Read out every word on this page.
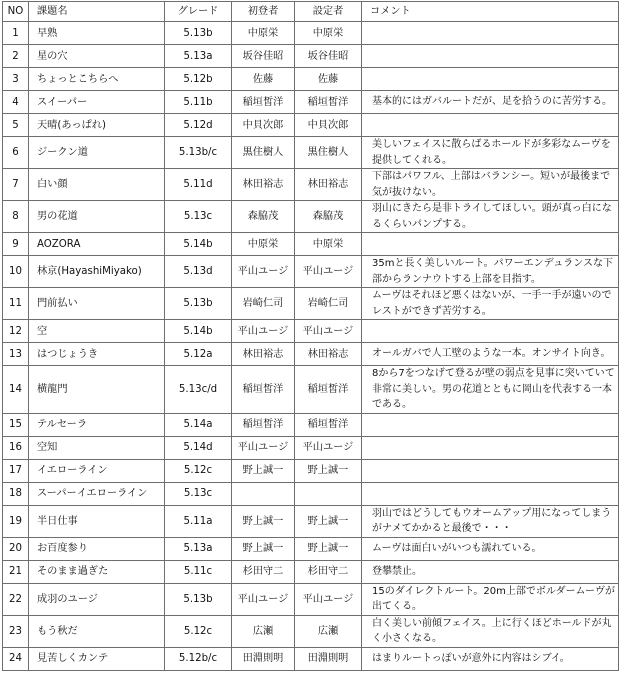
NO	課題名	グレード	初登者	設定者	コメント
1	早熟	5.13b	中原栄	中原栄	
2	星の穴	5.13a	坂谷佳昭	坂谷佳昭	
3	ちょっとこちらへ	5.12b	佐藤	佐藤	
4	スイーパー	5.11b	稲垣皙洋	稲垣皙洋	基本的にはガバルートだが、足を拾うのに苦労する。
5	天晴(あっぱれ)	5.12d	中貝次郎	中貝次郎	
6	ジークン道	5.13b/c	黒住樹人	黒住樹人	美しいフェイスに散らばるホールドが多彩なムーヴを提供してくれる。
7	白い顔	5.11d	林田裕志	林田裕志	下部はパワフル、上部はバランシー。短いが最後まで気が抜けない。
8	男の花道	5.13c	森脇茂	森脇茂	羽山にきたら是非トライしてほしい。頭が真っ白になるくらいパンプする。
9	AOZORA	5.14b	中原栄	中原栄	
10	林京(HayashiMiyako)	5.13d	平山ユージ	平山ユージ	35mと長く美しいルート。パワーエンデュランスな下部からランナウトする上部を目指す。
11	門前払い	5.13b	岩崎仁司	岩崎仁司	ムーヴはそれほど悪くはないが、一手一手が遠いのでレストができず苦労する。
12	空	5.14b	平山ユージ	平山ユージ	
13	はつじょうき	5.12a	林田裕志	林田裕志	オールガバで人工壁のような一本。オンサイト向き。
14	横龍門	5.13c/d	稲垣皙洋	稲垣皙洋	8から7をつなげて登るが壁の弱点を見事に突いていて非常に美しい。男の花道とともに岡山を代表する一本である。
15	テルセーラ	5.14a	稲垣皙洋	稲垣皙洋	
16	空知	5.14d	平山ユージ	平山ユージ	
17	イエローライン	5.12c	野上誠一	野上誠一	
18	スーパーイエローライン	5.13c			
19	半日仕事	5.11a	野上誠一	野上誠一	羽山ではどうしてもウオームアップ用になってしまうがナメてかかると最後で・・・
20	お百度参り	5.13a	野上誠一	野上誠一	ムーヴは面白いがいつも濡れている。
21	そのまま過ぎた	5.11c	杉田守二	杉田守二	登攀禁止。
22	成羽のユージ	5.13b	平山ユージ	平山ユージ	15のダイレクトルート。20m上部でボルダームーヴが出てくる。
23	もう秋だ	5.12c	広瀬	広瀬	白く美しい前傾フェイス。上に行くほどホールドが丸く小さくなる。
24	見苦しくカンテ	5.12b/c	田淵則明	田淵則明	はまりルートっぽいが意外に内容はシブイ。
